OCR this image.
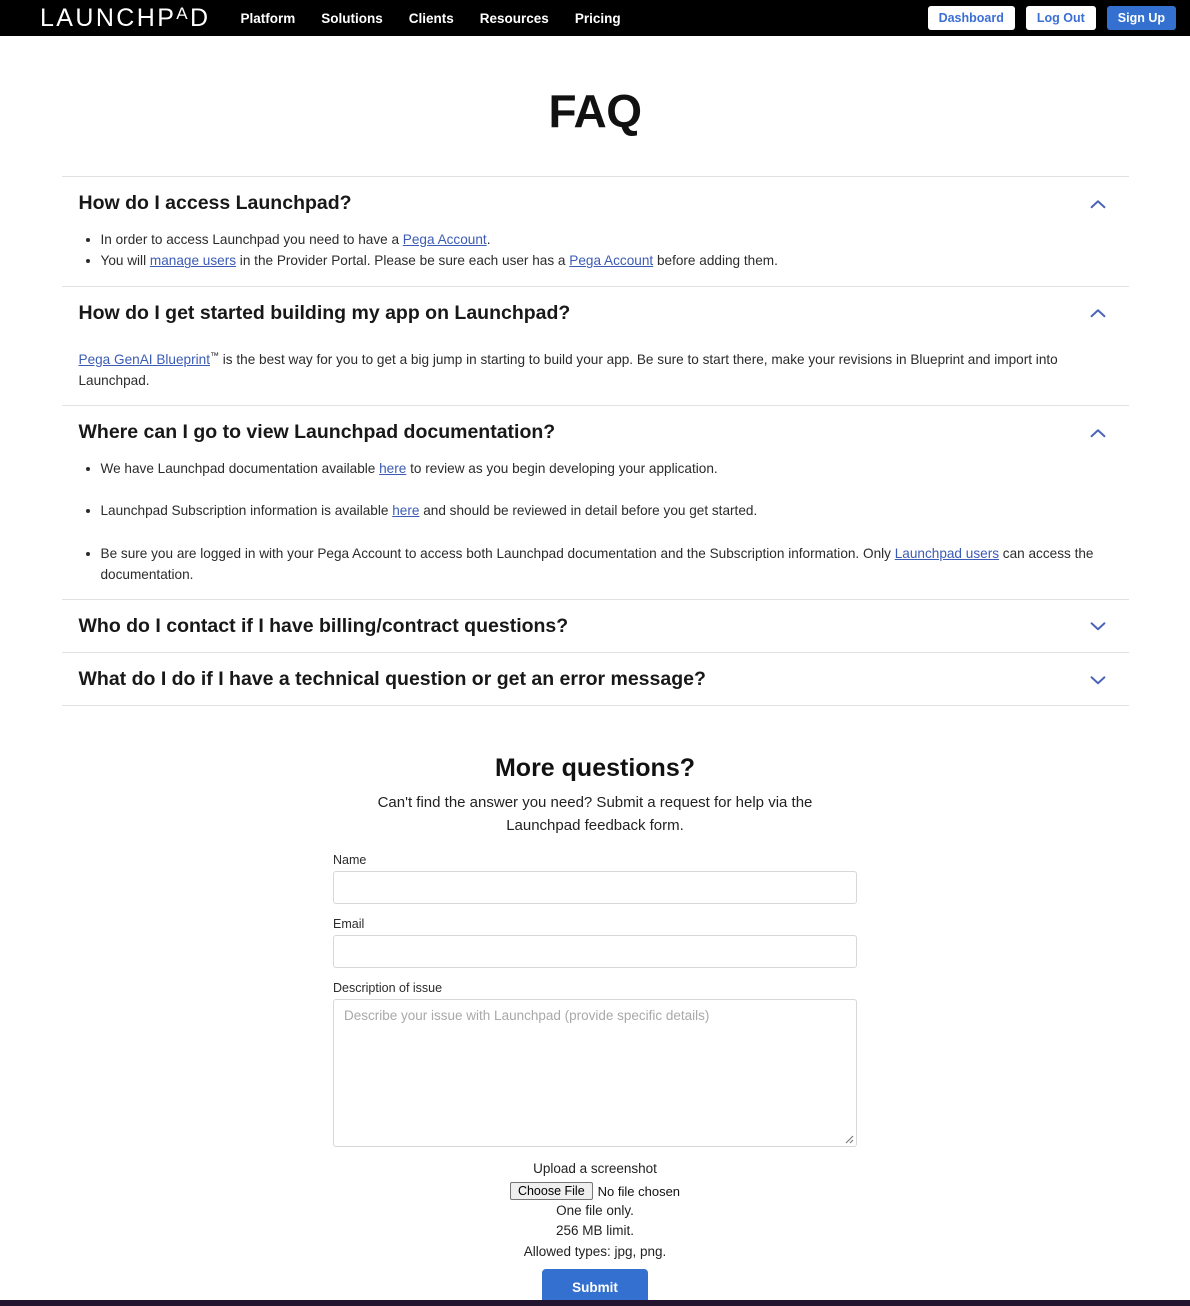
LAUNCHP A D Platform Solutions Clients Resources Pricing	Dashboard	Log Out	Sign Up
FAQ
How do I access Launchpad?
• In order to access Launchpad you need to have a Pega Account.
• You will manage users in the Provider Portal. Please be sure each user has a Pega Account before adding them.
How do I get started building my app on Launchpad?

Pega GenAI Blueprint™ is the best way for you to get a big jump in starting to build your app. Be sure to start there, make your revisions in Blueprint and import into Launchpad.

Where can I go to view Launchpad documentation?
• We have Launchpad documentation available here to review as you begin developing your application.
• Launchpad Subscription information is available here and should be reviewed in detail before you get started.
• Be sure you are logged in with your Pega Account to access both Launchpad documentation and the Subscription information. Only Launchpad users can access the documentation.
Who do I contact if I have billing/contract questions?
What do I do if I have a technical question or get an error message?
More questions?
Can't find the answer you need? Submit a request for help via the Launchpad feedback form.
Name
Email
Description of issue
Describe your issue with Launchpad (provide specific details)
Upload a screenshot
Choose File	No file chosen
One file only.
256 MB limit.
Allowed types: jpg, png.
Submit
